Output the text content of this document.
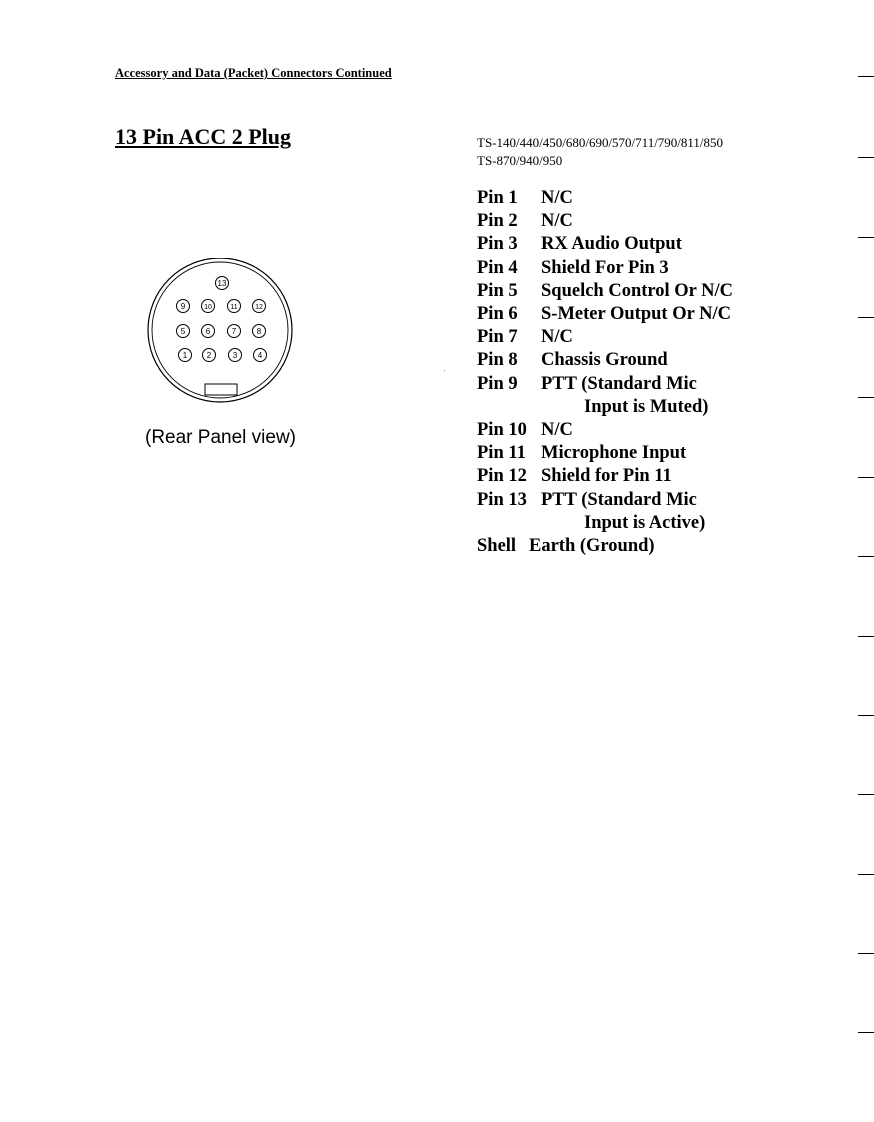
Accessory and Data (Packet) Connectors Continued
13 Pin ACC 2 Plug	TS-140/440/450/680/690/570/711/790/811/850
TS-870/940/950
13
9	10	11 12
5	6	7	8
1 2	3	4
(Rear Panel view)
Pin 1	N/C
Pin 2	N/C
Pin 3	RX Audio Output
Pin 4	Shield For Pin 3
Pin 5	Squelch Control Or N/C
Pin 6	S-Meter Output Or N/C
Pin 7	N/C
Pin 8	Chassis Ground
Pin 9	PTT (Standard Mic
Input is Muted)
Pin 10 N/C
Pin 11 Microphone Input
Pin 12 Shield for Pin 11
Pin 13 PTT (Standard Mic
Input is Active)
Shell Earth (Ground)
